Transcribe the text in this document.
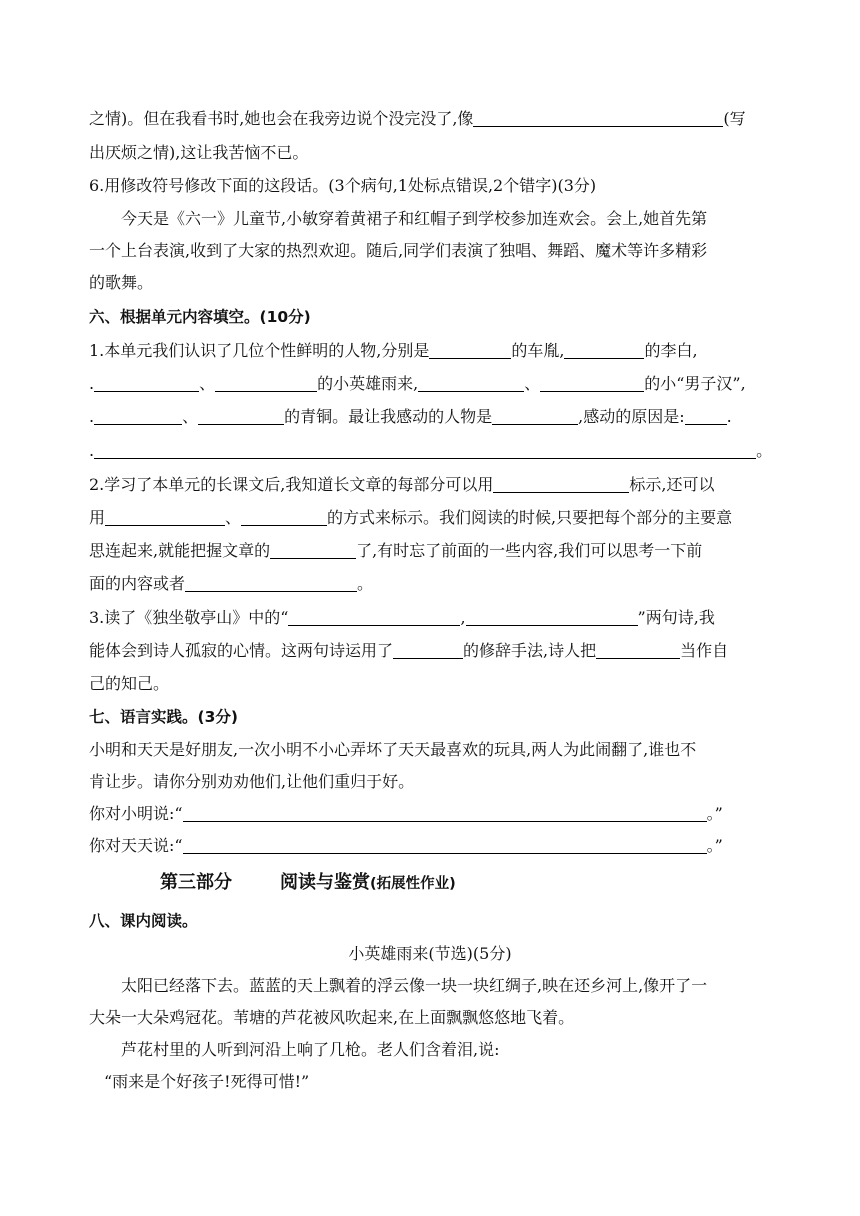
之情)。但在我看书时,她也会在我旁边说个没完没了,像	(写
出厌烦之情),这让我苦恼不已。
6.用修改符号修改下面的这段话。(3个病句,1处标点错误,2个错字)(3分)
今天是《六一》儿童节,小敏穿着黄裙子和红帽子到学校参加连欢会。会上,她首先第
一个上台表演,收到了大家的热烈欢迎。随后,同学们表演了独唱、舞蹈、魔术等许多精彩
的歌舞。
六、根据单元内容填空。(10分)
1.本单元我们认识了几位个性鲜明的人物,分别是	的车胤,	的李白,
.	、	的小英雄雨来,	、	的小“男子汉”,
.	、	的青铜。最让我感动的人物是	,感动的原因是:	.
.	。
2.学习了本单元的长课文后,我知道长文章的每部分可以用	标示,还可以
用	、	的方式来标示。我们阅读的时候,只要把每个部分的主要意
思连起来,就能把握文章的	了,有时忘了前面的一些内容,我们可以思考一下前
面的内容或者	。
3.读了《独坐敬亭山》中的“	,	”两句诗,我
能体会到诗人孤寂的心情。这两句诗运用了	的修辞手法,诗人把	当作自
己的知己。
七、语言实践。(3分)
小明和天天是好朋友,一次小明不小心弄坏了天天最喜欢的玩具,两人为此闹翻了,谁也不
肯让步。请你分别劝劝他们,让他们重归于好。
你对小明说:“	。”
你对天天说:“	。”
第三部分	阅读与鉴赏(拓展性作业)
八、课内阅读。
小英雄雨来(节选)(5分)
太阳已经落下去。蓝蓝的天上飘着的浮云像一块一块红绸子,映在还乡河上,像开了一
大朵一大朵鸡冠花。苇塘的芦花被风吹起来,在上面飘飘悠悠地飞着。
芦花村里的人听到河沿上响了几枪。老人们含着泪,说:
“雨来是个好孩子!死得可惜!”
